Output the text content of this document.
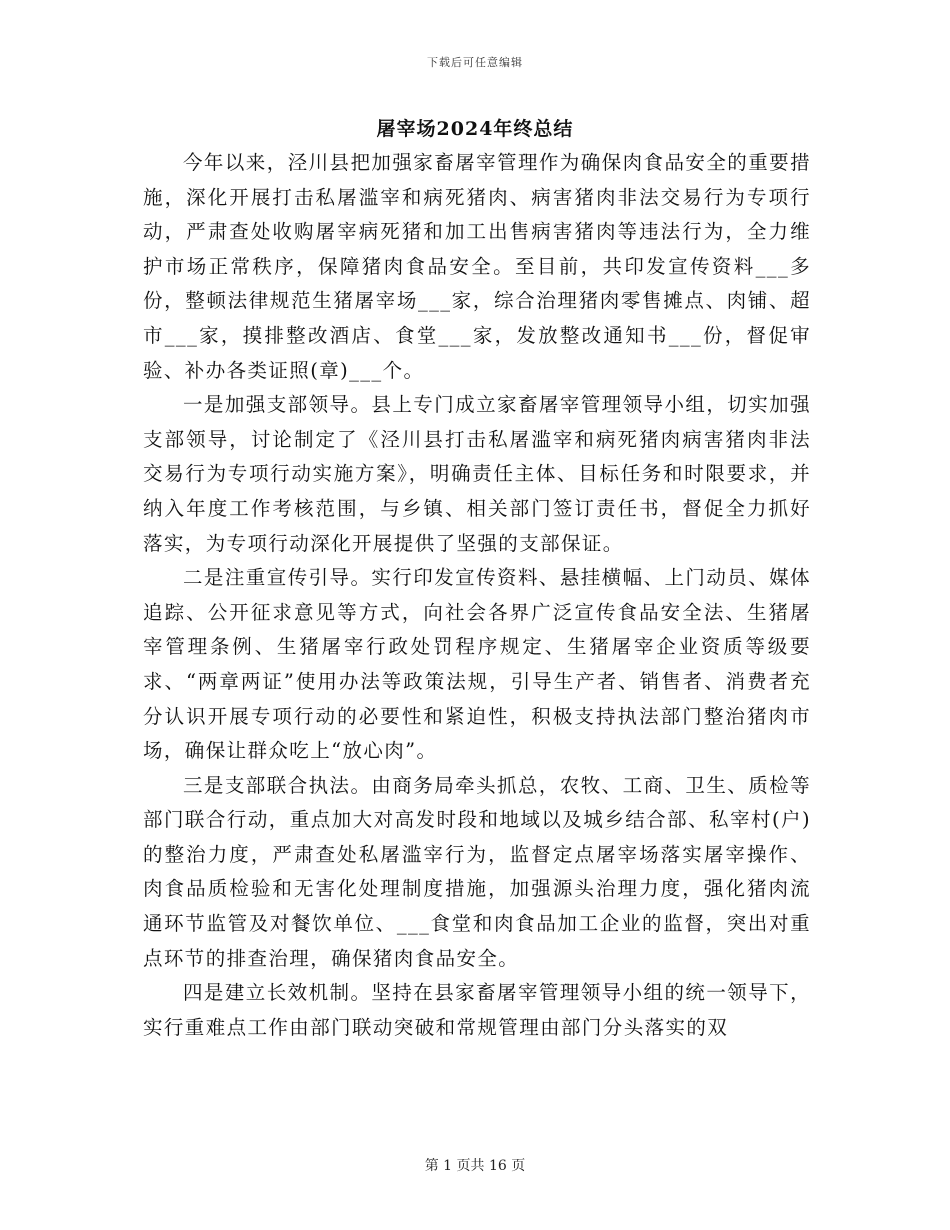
下载后可任意编辑
屠宰场2024年终总结

今年以来，泾川县把加强家畜屠宰管理作为确保肉食品安全的重要措施，深化开展打击私屠滥宰和病死猪肉、病害猪肉非法交易行为专项行动，严肃查处收购屠宰病死猪和加工出售病害猪肉等违法行为，全力维护市场正常秩序，保障猪肉食品安全。至目前，共印发宣传资料___多份，整顿法律规范生猪屠宰场___家，综合治理猪肉零售摊点、肉铺、超市___家，摸排整改酒店、食堂___家，发放整改通知书___份，督促审验、补办各类证照(章)___个。

一是加强支部领导。县上专门成立家畜屠宰管理领导小组，切实加强支部领导，讨论制定了《泾川县打击私屠滥宰和病死猪肉病害猪肉非法交易行为专项行动实施方案》，明确责任主体、目标任务和时限要求，并纳入年度工作考核范围，与乡镇、相关部门签订责任书，督促全力抓好落实，为专项行动深化开展提供了坚强的支部保证。

二是注重宣传引导。实行印发宣传资料、悬挂横幅、上门动员、媒体追踪、公开征求意见等方式，向社会各界广泛宣传食品安全法、生猪屠宰管理条例、生猪屠宰行政处罚程序规定、生猪屠宰企业资质等级要求、“两章两证”使用办法等政策法规，引导生产者、销售者、消费者充分认识开展专项行动的必要性和紧迫性，积极支持执法部门整治猪肉市场，确保让群众吃上“放心肉”。

三是支部联合执法。由商务局牵头抓总，农牧、工商、卫生、质检等部门联合行动，重点加大对高发时段和地域以及城乡结合部、私宰村(户)的整治力度，严肃查处私屠滥宰行为，监督定点屠宰场落实屠宰操作、肉食品质检验和无害化处理制度措施，加强源头治理力度，强化猪肉流通环节监管及对餐饮单位、___食堂和肉食品加工企业的监督，突出对重点环节的排查治理，确保猪肉食品安全。

四是建立长效机制。坚持在县家畜屠宰管理领导小组的统一领导下，实行重难点工作由部门联动突破和常规管理由部门分头落实的双

第 1 页共 16 页
